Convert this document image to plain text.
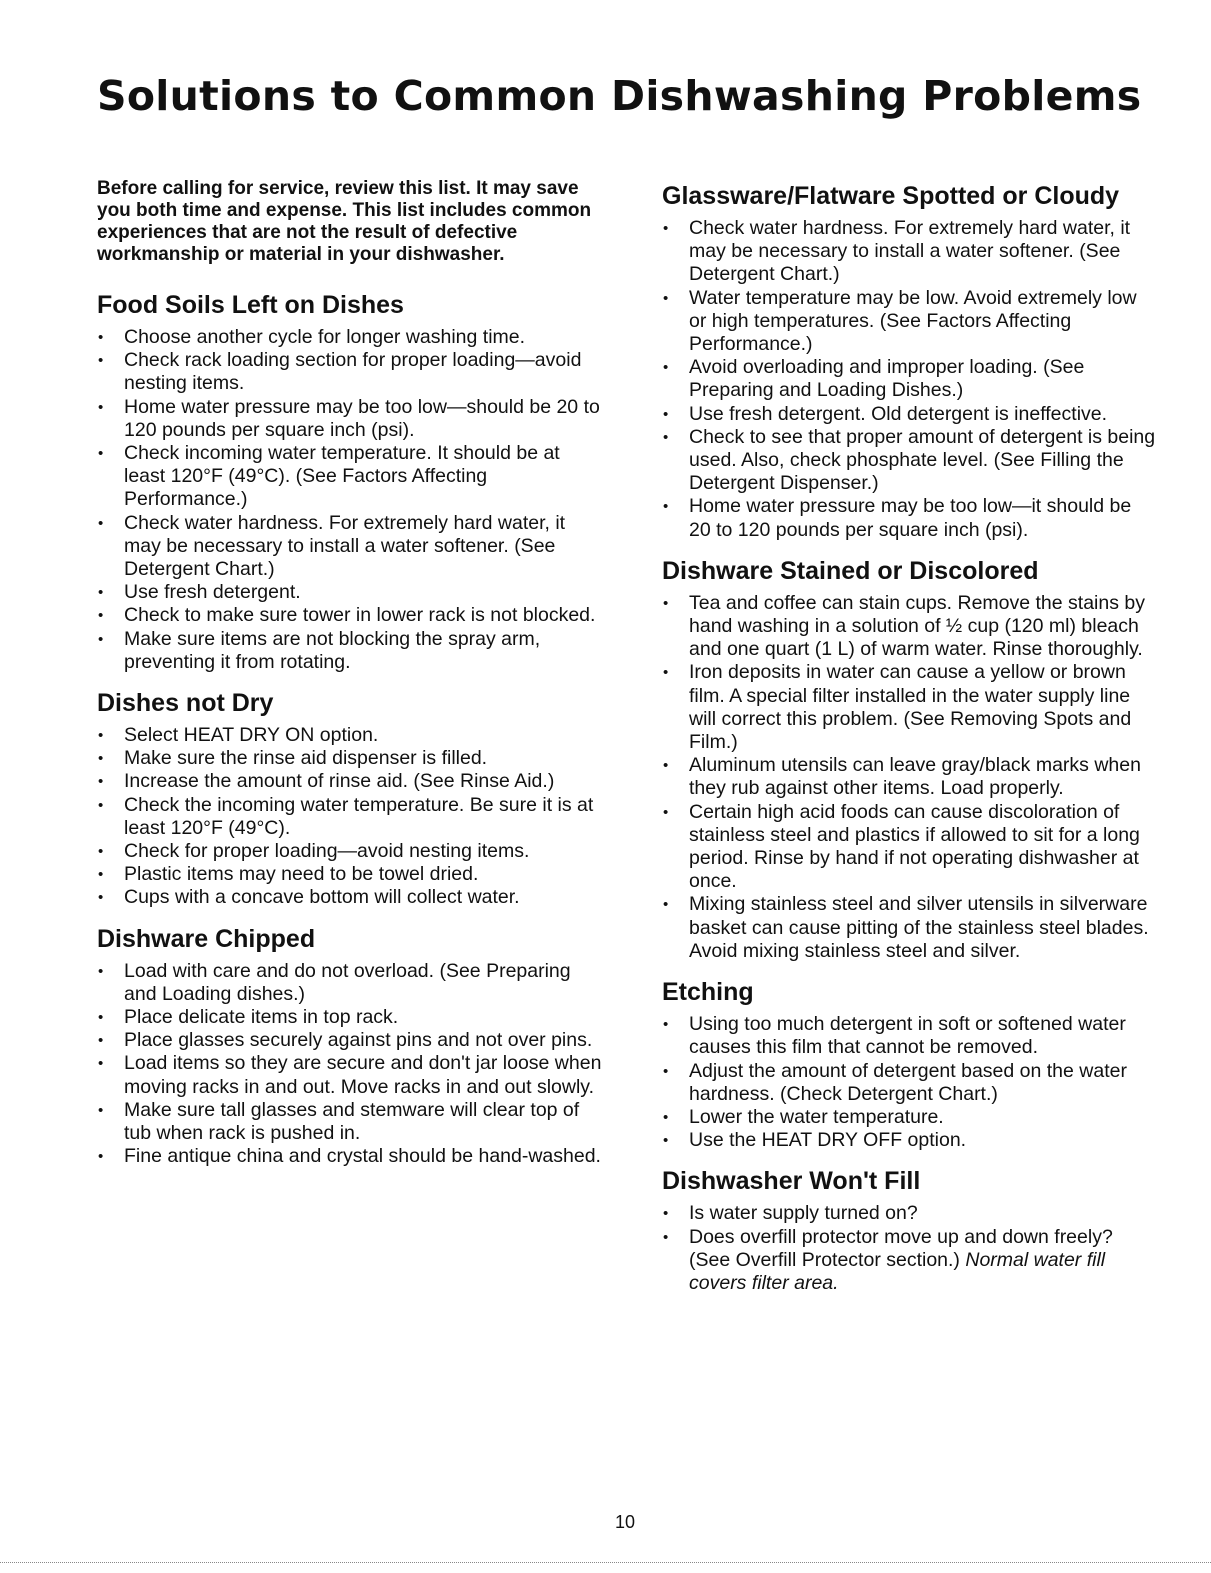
Solutions to Common Dishwashing Problems

Before calling for service, review this list. It may save you both time and expense. This list includes common experiences that are not the result of defective workmanship or material in your dishwasher.

Food Soils Left on Dishes
• Choose another cycle for longer washing time.
• Check rack loading section for proper loading—avoid nesting items.
• Home water pressure may be too low—should be 20 to 120 pounds per square inch (psi).
• Check incoming water temperature. It should be at least 120°F (49°C). (See Factors Affecting Performance.)
• Check water hardness. For extremely hard water, it may be necessary to install a water softener. (See Detergent Chart.)
• Use fresh detergent.
• Check to make sure tower in lower rack is not blocked.
• Make sure items are not blocking the spray arm, preventing it from rotating.
Dishes not Dry
• Select HEAT DRY ON option.
• Make sure the rinse aid dispenser is filled.
• Increase the amount of rinse aid. (See Rinse Aid.)
• Check the incoming water temperature. Be sure it is at least 120°F (49°C).
• Check for proper loading—avoid nesting items.
• Plastic items may need to be towel dried.
• Cups with a concave bottom will collect water.
Dishware Chipped
• Load with care and do not overload. (See Preparing and Loading dishes.)
• Place delicate items in top rack.
• Place glasses securely against pins and not over pins.
• Load items so they are secure and don't jar loose when moving racks in and out. Move racks in and out slowly.
• Make sure tall glasses and stemware will clear top of tub when rack is pushed in.
• Fine antique china and crystal should be hand-washed.
Glassware/Flatware Spotted or Cloudy
• Check water hardness. For extremely hard water, it may be necessary to install a water softener. (See Detergent Chart.)
• Water temperature may be low. Avoid extremely low or high temperatures. (See Factors Affecting Performance.)
• Avoid overloading and improper loading. (See Preparing and Loading Dishes.)
• Use fresh detergent. Old detergent is ineffective.
• Check to see that proper amount of detergent is being used. Also, check phosphate level. (See Filling the Detergent Dispenser.)
• Home water pressure may be too low—it should be 20 to 120 pounds per square inch (psi).
Dishware Stained or Discolored
• Tea and coffee can stain cups. Remove the stains by hand washing in a solution of ½ cup (120 ml) bleach and one quart (1 L) of warm water. Rinse thoroughly.
• Iron deposits in water can cause a yellow or brown film. A special filter installed in the water supply line will correct this problem. (See Removing Spots and Film.)
• Aluminum utensils can leave gray/black marks when they rub against other items. Load properly.
• Certain high acid foods can cause discoloration of stainless steel and plastics if allowed to sit for a long period. Rinse by hand if not operating dishwasher at once.
• Mixing stainless steel and silver utensils in silverware basket can cause pitting of the stainless steel blades. Avoid mixing stainless steel and silver.
Etching
• Using too much detergent in soft or softened water causes this film that cannot be removed.
• Adjust the amount of detergent based on the water hardness. (Check Detergent Chart.)
• Lower the water temperature.
• Use the HEAT DRY OFF option.
Dishwasher Won't Fill
• Is water supply turned on?
• Does overfill protector move up and down freely? (See Overfill Protector section.) Normal water fill covers filter area.
10
